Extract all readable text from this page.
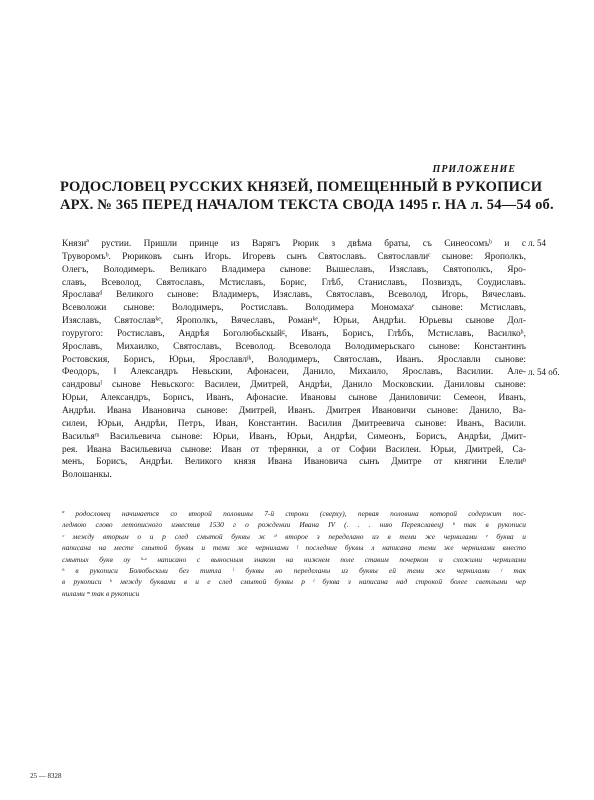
ПРИЛОЖЕНИЕ
РОДОСЛОВЕЦ РУССКИХ КНЯЗЕЙ, ПОМЕЩЕННЫЙ В РУКОПИСИ
АРХ. № 365 ПЕРЕД НАЧАЛОМ ТЕКСТА СВОДА 1495 г. НА л. 54—54 об.
л. 54
л. 54 об.
Князиª рустии. Пришли принце из Варягъ Рюрик з двѣма браты, съ Синеосомъᵇ и с
Труворомъᵇ. Рюриковъ сынъ Игорь. Игоревъ сынъ Святославъ. Святославлиᶜ сынове: Ярополкъ,
Олегъ, Володимеръ. Великаго Владимера сынове: Вышеславъ, Изяславъ, Святополкъ, Яро-
славъ, Всеволод, Святославъ, Мстиславъ, Борис, Глѣб, Станиславъ, Позвиздъ, Соудиславъ.
Ярославаᵈ Великого сынове: Владимеръ, Изяславъ, Святославъ, Всеволод, Игорь, Вячеславъ.
Всеволожи сынове: Володимеръ, Ростиславъ. Володимера Мономахаᵉ сынове: Мстиславъ,
Изяславъ, Святославᵏᵉ, Ярополкъ, Вячеславъ, Романᵏᵉ, Юрьи, Андрѣи. Юрьевы сынове Дол-
гоуругого: Ростиславъ, Андрѣя Боголюбьскыйᵍ, Иванъ, Борисъ, Глѣбъ, Мстиславъ, Василкоʰ,
Ярославъ, Михаилко, Святославъ, Всеволод. Всеволода Володимерьскаго сынове: Константинъ
Ростовския, Борисъ, Юрьи, Ярославлʲᵏ, Володимеръ, Святославъ, Иванъ. Ярославли сынове:
Феодоръ, ‖ Александръ Невьскии, Афонасеи, Данило, Михаило, Ярославъ, Василии. Але-
сандровыˡ сынове Невьского: Василеи, Дмитрей, Андрѣи, Данило Московскии. Даниловы сынове:
Юрьи, Александръ, Борисъ, Иванъ, Афонасие. Ивановы сынове Даниловичи: Семеон, Иванъ,
Андрѣи. Ивана Ивановича сынове: Дмитрей, Иванъ. Дмитрея Ивановичи сынове: Данило, Ва-
силеи, Юрьи, Андрѣи, Петръ, Иван, Константин. Василия Дмитреевича сынове: Иванъ, Васили.
Васильяᵐ Васильевича сынове: Юрьи, Иванъ, Юрьи, Андрѣи, Симеонъ, Борисъ, Андрѣи, Дмит-
рея. Ивана Васильевича сынове: Иван от тферянки, а от Софии Василеи. Юрьи, Дмитрей, Са-
менъ, Борисъ, Андрѣи. Великого князя Ивана Ивановича сынъ Дмитре от княгини Елелиⁿ
Волошанкы.
ª родословец начинается со второй половины 7-й строки (сверху), первая половина которой содержит пос-
леднюю слово летописного известия 1530 г о рождении Ивана IV (. . . нию Переяславец) ᵇ так в рукописи
ᶜ между вторым о и р след смытой буквы ж ᵈ второе з переделано из в теми же чернилами ᵉ буква и
написана на месте смытой буквы и теми же чернилами ᶠ последние буквы л написана теми же чернилами вместо
смытых букв оу ᵏ·ᵉ написано с выносным знаком на нижнем поле ставим почерком и схожими чернилами
ʰ в рукописи Болюбьскыи без титла ⁱ буквы но переделаны из буквы ей теми же чернилами ʲ так
в рукописи ᵏ между буквами в и е след смытой буквы р ˡ буква з написана над строкой более светлыми чер
нилами ᵐ так в рукописи
25 — 8328
